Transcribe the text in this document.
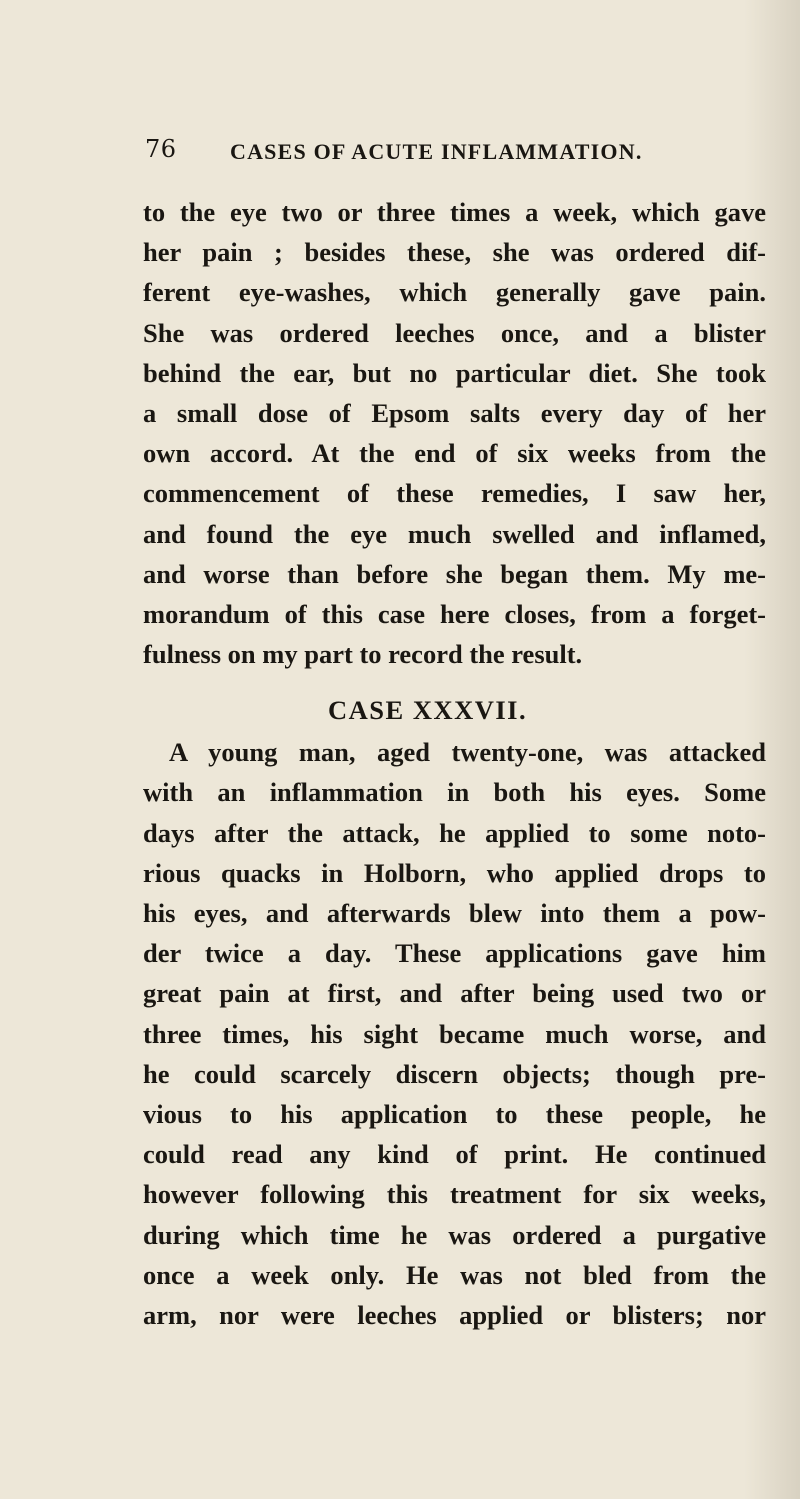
76 CASES OF ACUTE INFLAMMATION.
to the eye two or three times a week, which gave
her pain ; besides these, she was ordered dif-
ferent eye-washes, which generally gave pain.
She was ordered leeches once, and a blister
behind the ear, but no particular diet. She took
a small dose of Epsom salts every day of her
own accord. At the end of six weeks from the
commencement of these remedies, I saw her,
and found the eye much swelled and inflamed,
and worse than before she began them. My me-
morandum of this case here closes, from a forget-
fulness on my part to record the result.
CASE XXXVII.
A young man, aged twenty-one, was attacked
with an inflammation in both his eyes. Some
days after the attack, he applied to some noto-
rious quacks in Holborn, who applied drops to
his eyes, and afterwards blew into them a pow-
der twice a day. These applications gave him
great pain at first, and after being used two or
three times, his sight became much worse, and
he could scarcely discern objects; though pre-
vious to his application to these people, he
could read any kind of print. He continued
however following this treatment for six weeks,
during which time he was ordered a purgative
once a week only. He was not bled from the
arm, nor were leeches applied or blisters; nor
